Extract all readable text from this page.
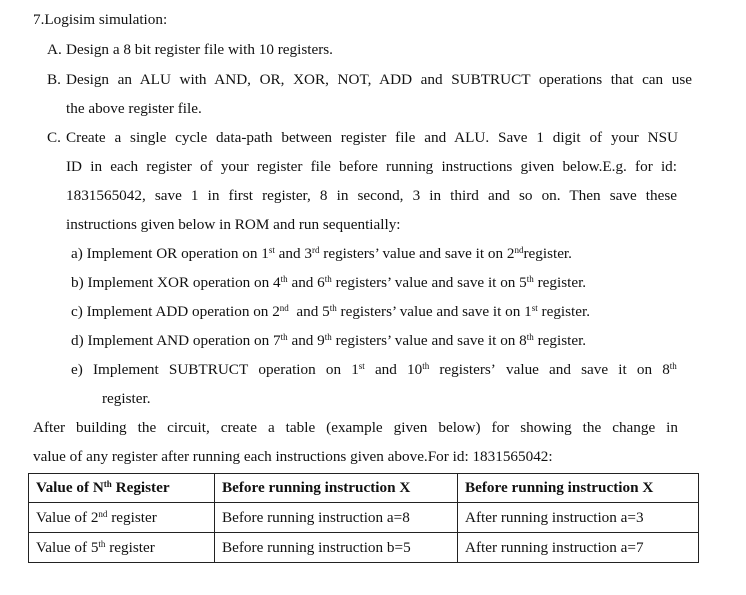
7.Logisim simulation:
A. Design a 8 bit register file with 10 registers.
B. Design an ALU with AND, OR, XOR, NOT, ADD and SUBTRUCT operations that can use
the above register file.
C. Create a single cycle data-path between register file and ALU. Save 1 digit of your NSU
ID in each register of your register file before running instructions given below.E.g. for id:
1831565042, save 1 in first register, 8 in second, 3 in third and so on. Then save these
instructions given below in ROM and run sequentially:
a) Implement OR operation on 1st and 3rd registers’ value and save it on 2ndregister.
b) Implement XOR operation on 4th and 6th registers’ value and save it on 5th register.
c) Implement ADD operation on 2nd  and 5th registers’ value and save it on 1st register.
d) Implement AND operation on 7th and 9th registers’ value and save it on 8th register.
e) Implement SUBTRUCT operation on 1st and 10th registers’ value and save it on 8th
register.
After building the circuit, create a table (example given below) for showing the change in
value of any register after running each instructions given above.For id: 1831565042:
Value of $N^{th}$ Register	Before running instruction X	Before running instruction X
Value of 2nd register	Before running instruction a=8	After running instruction a=3
Value of 5th register	Before running instruction b=5	After running instruction a=7
